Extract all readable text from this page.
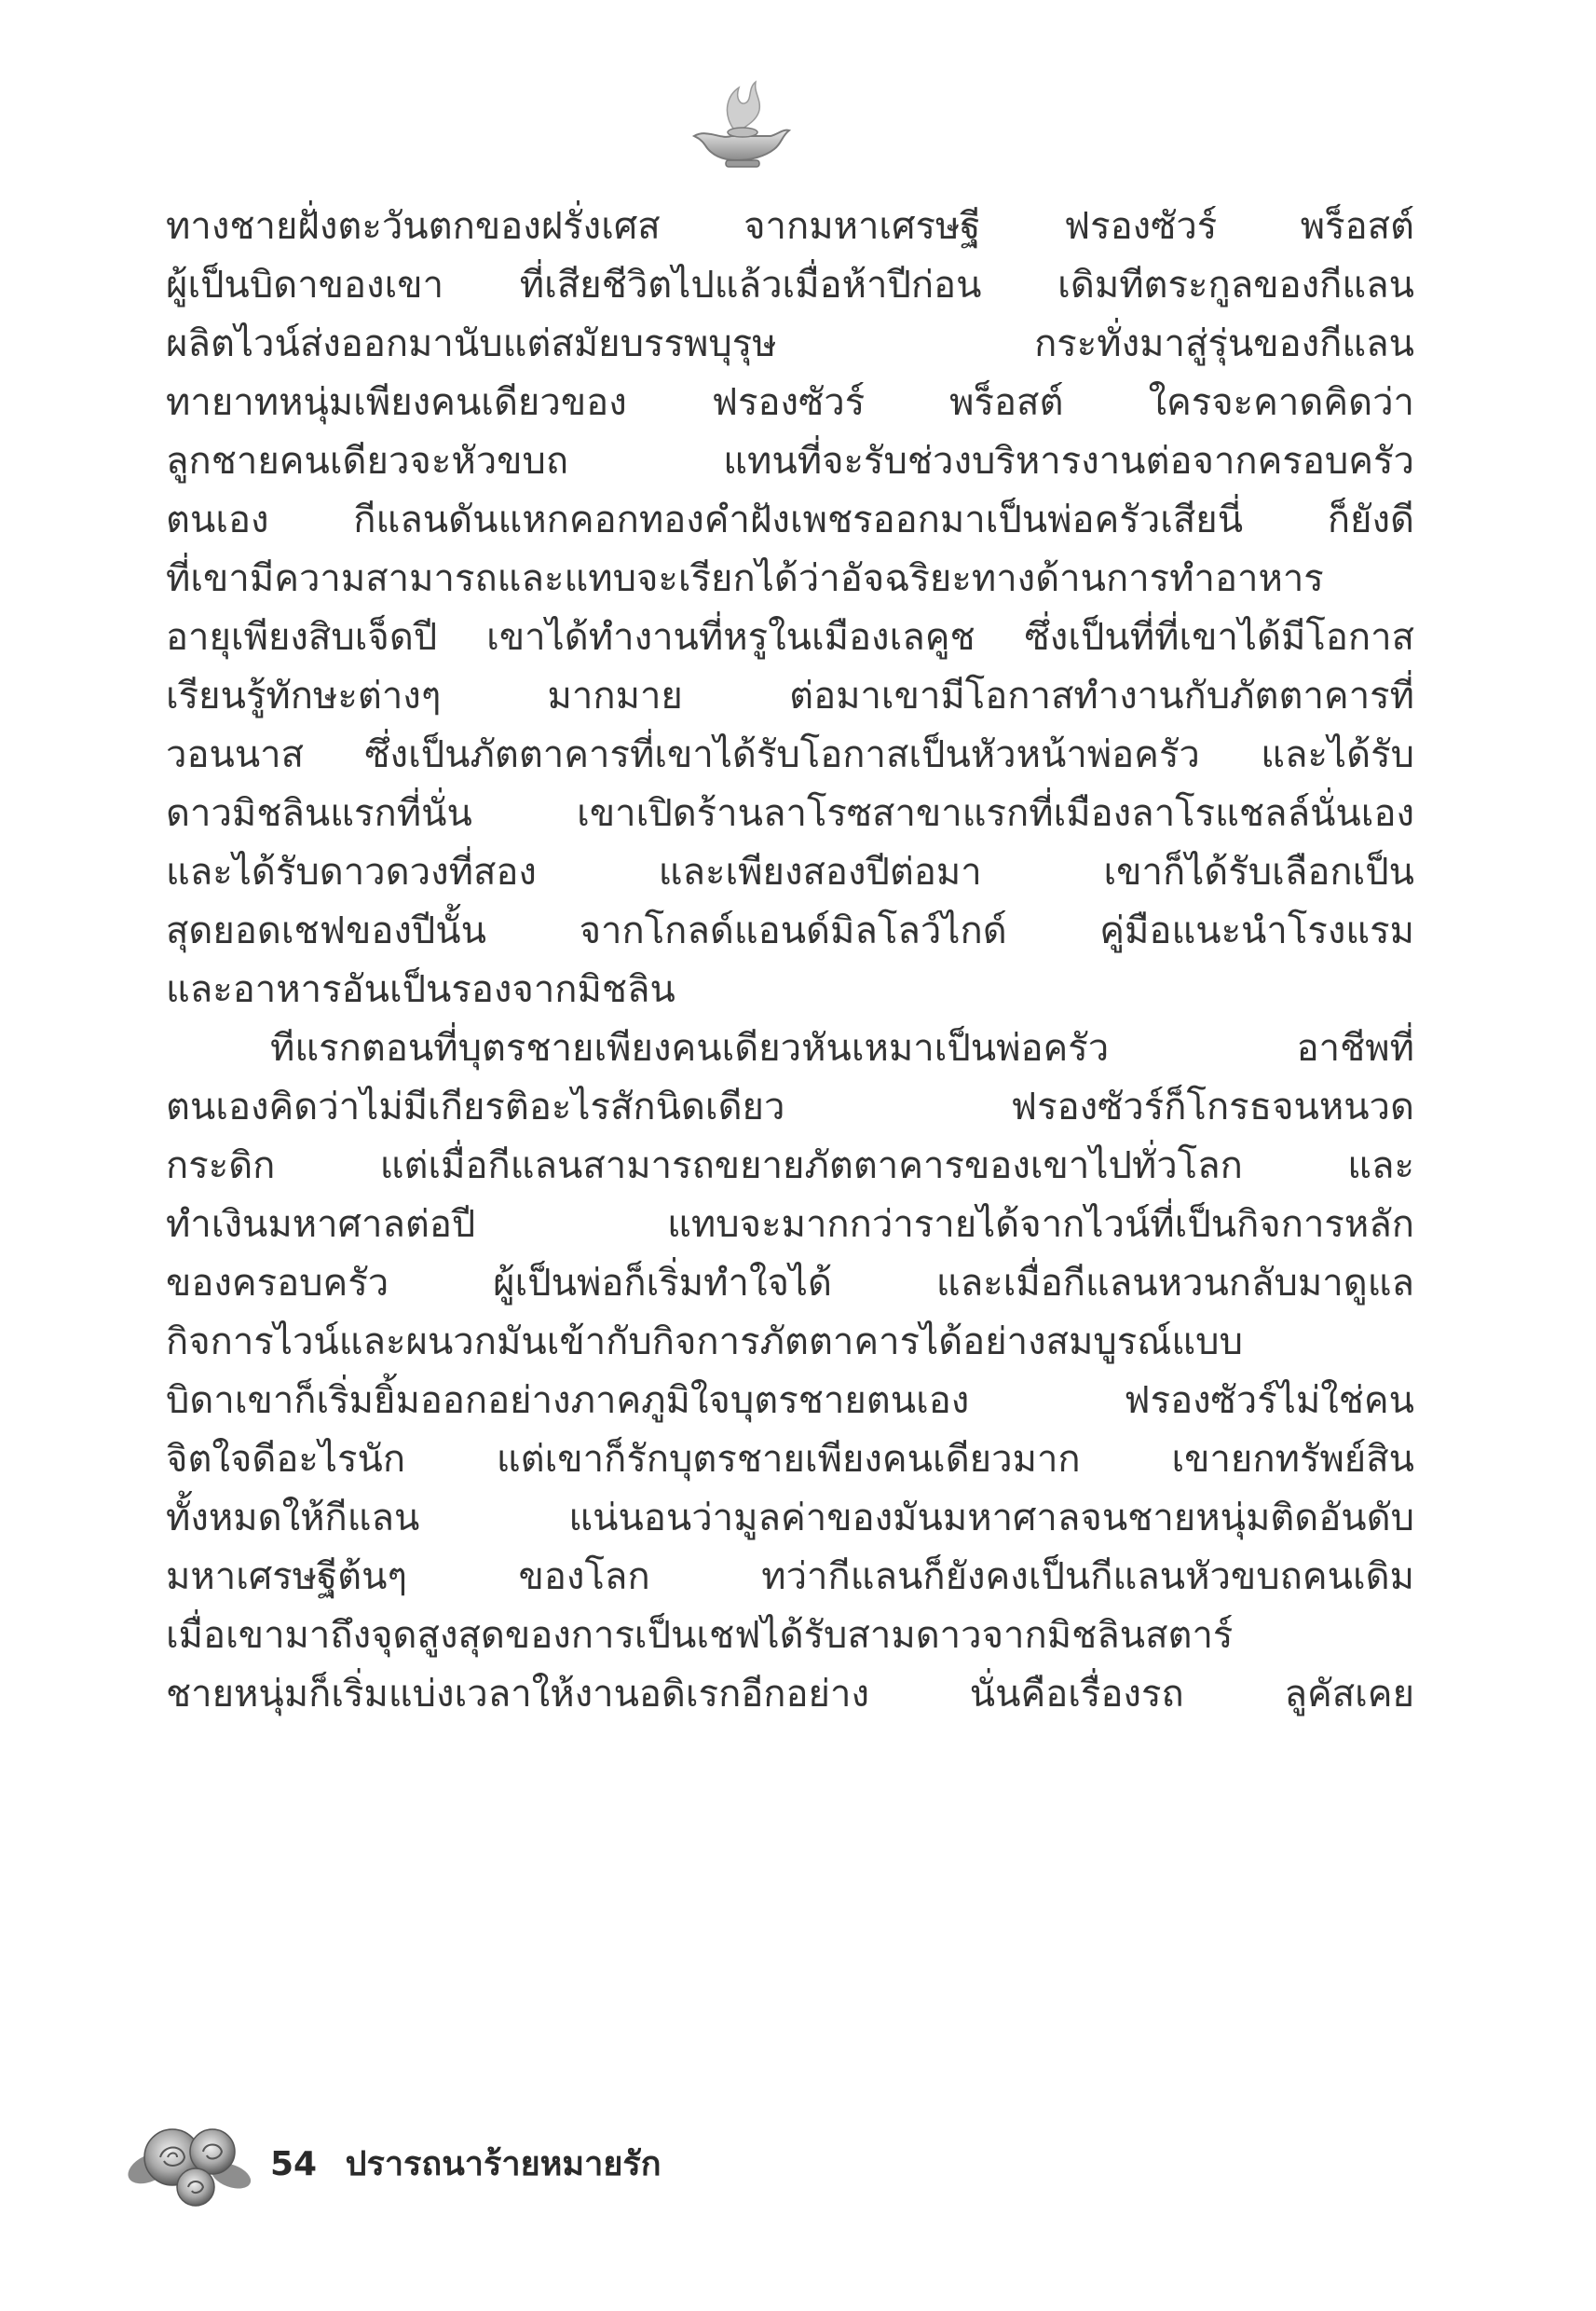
ทางชายฝั่งตะวันตกของฝรั่งเศส จากมหาเศรษฐี ฟรองซัวร์ พร็อสต์
ผู้เป็นบิดาของเขา ที่เสียชีวิตไปแล้วเมื่อห้าปีก่อน เดิมทีตระกูลของกีแลน
ผลิตไวน์ส่งออกมานับแต่สมัยบรรพบุรุษ กระทั่งมาสู่รุ่นของกีแลน
ทายาทหนุ่มเพียงคนเดียวของ ฟรองซัวร์ พร็อสต์ ใครจะคาดคิดว่า
ลูกชายคนเดียวจะหัวขบถ แทนที่จะรับช่วงบริหารงานต่อจากครอบครัว
ตนเอง กีแลนดันแหกคอกทองคำฝังเพชรออกมาเป็นพ่อครัวเสียนี่ ก็ยังดี
ที่เขามีความสามารถและแทบจะเรียกได้ว่าอัจฉริยะทางด้านการทำอาหาร
อายุเพียงสิบเจ็ดปี เขาได้ทำงานที่หรูในเมืองเลคูช ซึ่งเป็นที่ที่เขาได้มีโอกาส
เรียนรู้ทักษะต่างๆ มากมาย ต่อมาเขามีโอกาสทำงานกับภัตตาคารที่
วอนนาส ซึ่งเป็นภัตตาคารที่เขาได้รับโอกาสเป็นหัวหน้าพ่อครัว และได้รับ
ดาวมิชลินแรกที่นั่น เขาเปิดร้านลาโรซสาขาแรกที่เมืองลาโรแชลล์นั่นเอง
และได้รับดาวดวงที่สอง และเพียงสองปีต่อมา เขาก็ได้รับเลือกเป็น
สุดยอดเชฟของปีนั้น จากโกลด์แอนด์มิลโลว์ไกด์ คู่มือแนะนำโรงแรม
และอาหารอันเป็นรองจากมิชลิน
ทีแรกตอนที่บุตรชายเพียงคนเดียวหันเหมาเป็นพ่อครัว อาชีพที่
ตนเองคิดว่าไม่มีเกียรติอะไรสักนิดเดียว ฟรองซัวร์ก็โกรธจนหนวด
กระดิก แต่เมื่อกีแลนสามารถขยายภัตตาคารของเขาไปทั่วโลก และ
ทำเงินมหาศาลต่อปี แทบจะมากกว่ารายได้จากไวน์ที่เป็นกิจการหลัก
ของครอบครัว ผู้เป็นพ่อก็เริ่มทำใจได้ และเมื่อกีแลนหวนกลับมาดูแล
กิจการไวน์และผนวกมันเข้ากับกิจการภัตตาคารได้อย่างสมบูรณ์แบบ
บิดาเขาก็เริ่มยิ้มออกอย่างภาคภูมิใจบุตรชายตนเอง ฟรองซัวร์ไม่ใช่คน
จิตใจดีอะไรนัก แต่เขาก็รักบุตรชายเพียงคนเดียวมาก เขายกทรัพย์สิน
ทั้งหมดให้กีแลน แน่นอนว่ามูลค่าของมันมหาศาลจนชายหนุ่มติดอันดับ
มหาเศรษฐีต้นๆ ของโลก ทว่ากีแลนก็ยังคงเป็นกีแลนหัวขบถคนเดิม
เมื่อเขามาถึงจุดสูงสุดของการเป็นเชฟได้รับสามดาวจากมิชลินสตาร์
ชายหนุ่มก็เริ่มแบ่งเวลาให้งานอดิเรกอีกอย่าง นั่นคือเรื่องรถ ลูคัสเคย
54 ปรารถนาร้ายหมายรัก
